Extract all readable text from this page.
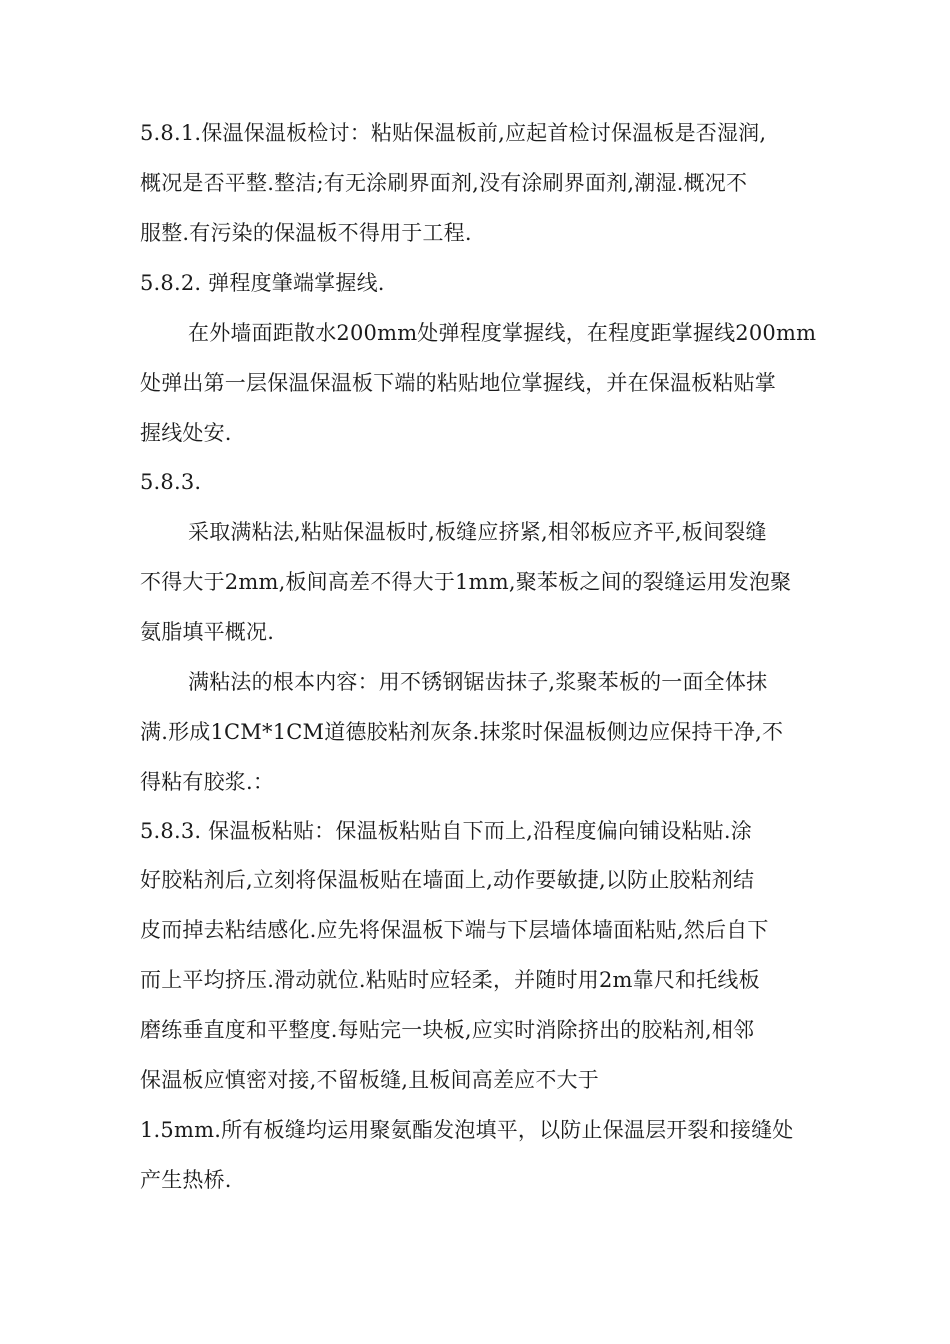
5.8.1.保温保温板检讨：粘贴保温板前,应起首检讨保温板是否湿润,
概况是否平整.整洁;有无涂刷界面剂,没有涂刷界面剂,潮湿.概况不
服整.有污染的保温板不得用于工程.
5.8.2. 弹程度肇端掌握线.
在外墙面距散水200mm处弹程度掌握线，在程度距掌握线200mm
处弹出第一层保温保温板下端的粘贴地位掌握线，并在保温板粘贴掌
握线处安.
5.8.3.
采取满粘法,粘贴保温板时,板缝应挤紧,相邻板应齐平,板间裂缝
不得大于2mm,板间高差不得大于1mm,聚苯板之间的裂缝运用发泡聚
氨脂填平概况.
满粘法的根本内容：用不锈钢锯齿抹子,浆聚苯板的一面全体抹
满.形成1CM*1CM道德胶粘剂灰条.抹浆时保温板侧边应保持干净,不
得粘有胶浆.：
5.8.3. 保温板粘贴：保温板粘贴自下而上,沿程度偏向铺设粘贴.涂
好胶粘剂后,立刻将保温板贴在墙面上,动作要敏捷,以防止胶粘剂结
皮而掉去粘结感化.应先将保温板下端与下层墙体墙面粘贴,然后自下
而上平均挤压.滑动就位.粘贴时应轻柔，并随时用2m靠尺和托线板
磨练垂直度和平整度.每贴完一块板,应实时消除挤出的胶粘剂,相邻
保温板应慎密对接,不留板缝,且板间高差应不大于
1.5mm.所有板缝均运用聚氨酯发泡填平，以防止保温层开裂和接缝处
产生热桥.
